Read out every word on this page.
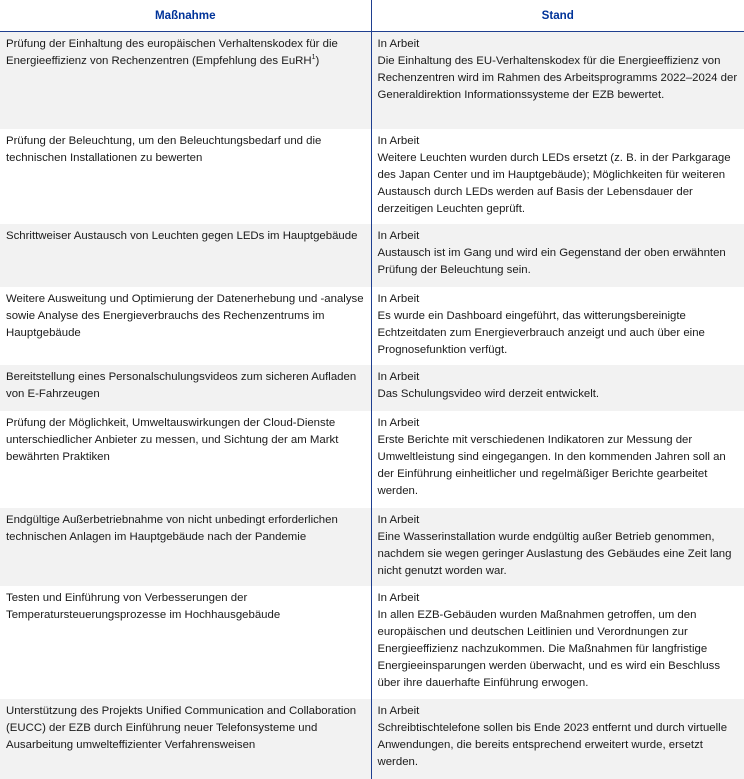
Maßnahme	Stand
Prüfung der Einhaltung des europäischen Verhaltenskodex für die Energieeffizienz von Rechenzentren (Empfehlung des EuRH$^1$)	In Arbeit
Die Einhaltung des EU-Verhaltenskodex für die Energieeffizienz von Rechenzentren wird im Rahmen des Arbeitsprogramms 2022–2024 der Generaldirektion Informationssysteme der EZB bewertet.
Prüfung der Beleuchtung, um den Beleuchtungsbedarf und die technischen Installationen zu bewerten	In Arbeit
Weitere Leuchten wurden durch LEDs ersetzt (z. B. in der Parkgarage des Japan Center und im Hauptgebäude); Möglichkeiten für weiteren Austausch durch LEDs werden auf Basis der Lebensdauer der derzeitigen Leuchten geprüft.
Schrittweiser Austausch von Leuchten gegen LEDs im Hauptgebäude	In Arbeit
Austausch ist im Gang und wird ein Gegenstand der oben erwähnten Prüfung der Beleuchtung sein.
Weitere Ausweitung und Optimierung der Datenerhebung und -analyse sowie Analyse des Energieverbrauchs des Rechenzentrums im Hauptgebäude	In Arbeit
Es wurde ein Dashboard eingeführt, das witterungsbereinigte Echtzeitdaten zum Energieverbrauch anzeigt und auch über eine Prognosefunktion verfügt.
Bereitstellung eines Personalschulungsvideos zum sicheren Aufladen von E-Fahrzeugen	In Arbeit
Das Schulungsvideo wird derzeit entwickelt.
Prüfung der Möglichkeit, Umweltauswirkungen der Cloud-Dienste unterschiedlicher Anbieter zu messen, und Sichtung der am Markt bewährten Praktiken	In Arbeit
Erste Berichte mit verschiedenen Indikatoren zur Messung der Umweltleistung sind eingegangen. In den kommenden Jahren soll an der Einführung einheitlicher und regelmäßiger Berichte gearbeitet werden.
Endgültige Außerbetriebnahme von nicht unbedingt erforderlichen technischen Anlagen im Hauptgebäude nach der Pandemie	In Arbeit
Eine Wasserinstallation wurde endgültig außer Betrieb genommen, nachdem sie wegen geringer Auslastung des Gebäudes eine Zeit lang nicht genutzt worden war.
Testen und Einführung von Verbesserungen der Temperatursteuerungsprozesse im Hochhausgebäude	In Arbeit
In allen EZB-Gebäuden wurden Maßnahmen getroffen, um den europäischen und deutschen Leitlinien und Verordnungen zur Energieeffizienz nachzukommen. Die Maßnahmen für langfristige Energieeinsparungen werden überwacht, und es wird ein Beschluss über ihre dauerhafte Einführung erwogen.
Unterstützung des Projekts Unified Communication and Collaboration (EUCC) der EZB durch Einführung neuer Telefonsysteme und Ausarbeitung umwelteffizienter Verfahrensweisen	In Arbeit
Schreibtischtelefone sollen bis Ende 2023 entfernt und durch virtuelle Anwendungen, die bereits entsprechend erweitert wurde, ersetzt werden.
